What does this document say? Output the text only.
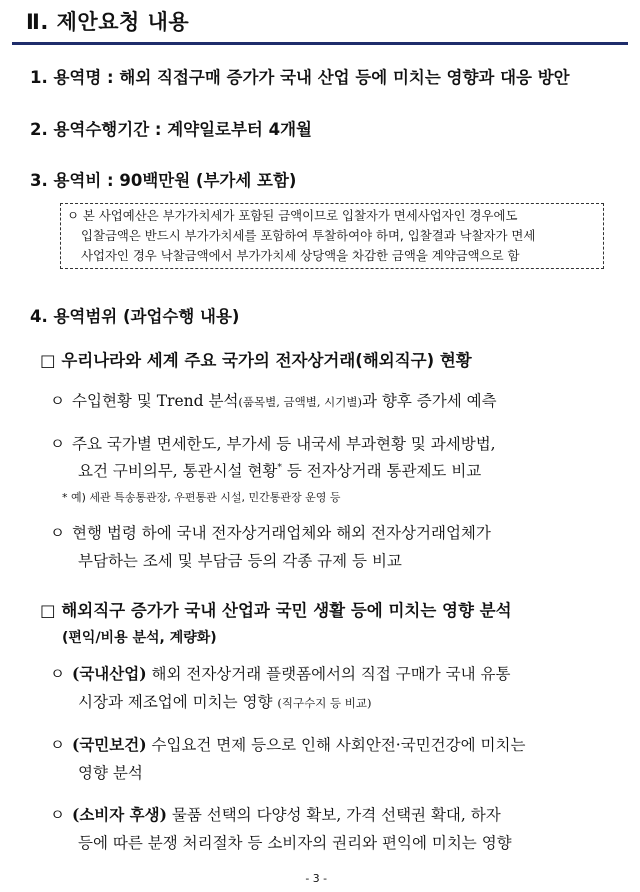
Ⅱ. 제안요청 내용
1. 용역명 : 해외 직접구매 증가가 국내 산업 등에 미치는 영향과 대응 방안
2. 용역수행기간 : 계약일로부터 4개월
3. 용역비 : 90백만원 (부가세 포함)
ㅇ 본 사업예산은 부가가치세가 포함된 금액이므로 입찰자가 면세사업자인 경우에도
입찰금액은 반드시 부가가치세를 포함하여 투찰하여야 하며, 입찰결과 낙찰자가 면세
사업자인 경우 낙찰금액에서 부가가치세 상당액을 차감한 금액을 계약금액으로 함
4. 용역범위 (과업수행 내용)
□ 우리나라와 세계 주요 국가의 전자상거래(해외직구) 현황
ㅇ 수입현황 및 Trend 분석(품목별, 금액별, 시기별)과 향후 증가세 예측
ㅇ 주요 국가별 면세한도, 부가세 등 내국세 부과현황 및 과세방법,
요건 구비의무, 통관시설 현황* 등 전자상거래 통관제도 비교
* 예) 세관 특송통관장, 우편통관 시설, 민간통관장 운영 등
ㅇ 현행 법령 하에 국내 전자상거래업체와 해외 전자상거래업체가
부담하는 조세 및 부담금 등의 각종 규제 등 비교
□ 해외직구 증가가 국내 산업과 국민 생활 등에 미치는 영향 분석
(편익/비용 분석, 계량화)
ㅇ (국내산업) 해외 전자상거래 플랫폼에서의 직접 구매가 국내 유통
시장과 제조업에 미치는 영향 (직구수지 등 비교)
ㅇ (국민보건) 수입요건 면제 등으로 인해 사회안전·국민건강에 미치는
영향 분석
ㅇ (소비자 후생) 물품 선택의 다양성 확보, 가격 선택권 확대, 하자
등에 따른 분쟁 처리절차 등 소비자의 권리와 편익에 미치는 영향
- 3 -
